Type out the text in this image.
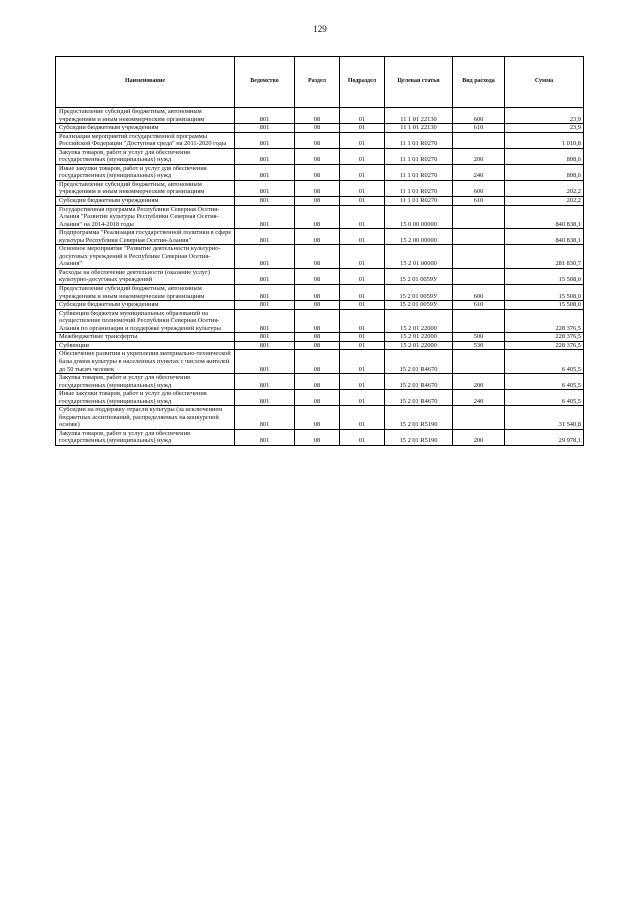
129
Наименование	Ведомство	Раздел	Подраздел	Целевая статья	Вид расхода	Сумма
Предоставление субсидий бюджетным, автономным учреждениям и иным некоммерческим организациям	801	08	01	11 1 01 22130	600	23,9
Субсидии бюджетным учреждениям	801	08	01	11 1 01 22130	610	23,9
Реализация мероприятий государственной программы Российской Федерации "Доступная среда" на 2011-2020 годы	801	08	01	11 1 01 R0270		1 010,8
Закупка товаров, работ и услуг для обеспечения государственных (муниципальных) нужд	801	08	01	11 1 01 R0270	200	808,6
Иные закупки товаров, работ и услуг для обеспечения государственных (муниципальных) нужд	801	08	01	11 1 01 R0270	240	808,6
Предоставление субсидий бюджетным, автономным учреждениям и иным некоммерческим организациям	801	08	01	11 1 01 R0270	600	202,2
Субсидии бюджетным учреждениям	801	08	01	11 1 01 R0270	610	202,2
Государственная программа Республики Северная Осетия-Алания "Развитие культуры Республики Северная Осетия-Алания" на 2014-2018 годы	801	08	01	15 0 00 00000		840 838,1
Подпрограмма "Реализация государственной политики в сфере культуры Республики Северная Осетия-Алания"	801	08	01	15 2 00 00000		840 838,1
Основное мероприятие "Развитие деятельности культурно-досуговых учреждений в Республике Северная Осетия-Алания"	801	08	01	15 2 01 00000		281 830,7
Расходы на обеспечение деятельности (оказание услуг) культурно-досуговых учреждений	801	08	01	15 2 01 0059У		15 508,0
Предоставление субсидий бюджетным, автономным учреждениям и иным некоммерческим организациям	801	08	01	15 2 01 0059У	600	15 508,0
Субсидии бюджетным учреждениям	801	08	01	15 2 01 0059У	610	15 508,0
Субвенции бюджетам муниципальных образований на осуществление полномочий Республики Северная Осетия-Алания по организации и поддержке учреждений культуры	801	08	01	15 2 01 22000		228 376,5
Межбюджетные трансферты	801	08	01	15 2 01 22000	500	228 376,5
Субвенции	801	08	01	15 2 01 22000	530	228 376,5
Обеспечение развития и укрепления материально-технической базы домов культуры в населенных пунктах с числом жителей до 50 тысяч человек	801	08	01	15 2 01 R4670		6 405,5
Закупка товаров, работ и услуг для обеспечения государственных (муниципальных) нужд	801	08	01	15 2 01 R4670	200	6 405,5
Иные закупки товаров, работ и услуг для обеспечения государственных (муниципальных) нужд	801	08	01	15 2 01 R4670	240	6 405,5
Субсидии на поддержку отрасли культуры (за исключением бюджетных ассигнований, распределяемых на конкурсной основе)	801	08	01	15 2 01 R5190		31 540,8
Закупка товаров, работ и услуг для обеспечения государственных (муниципальных) нужд	801	08	01	15 2 01 R5190	200	29 978,1
